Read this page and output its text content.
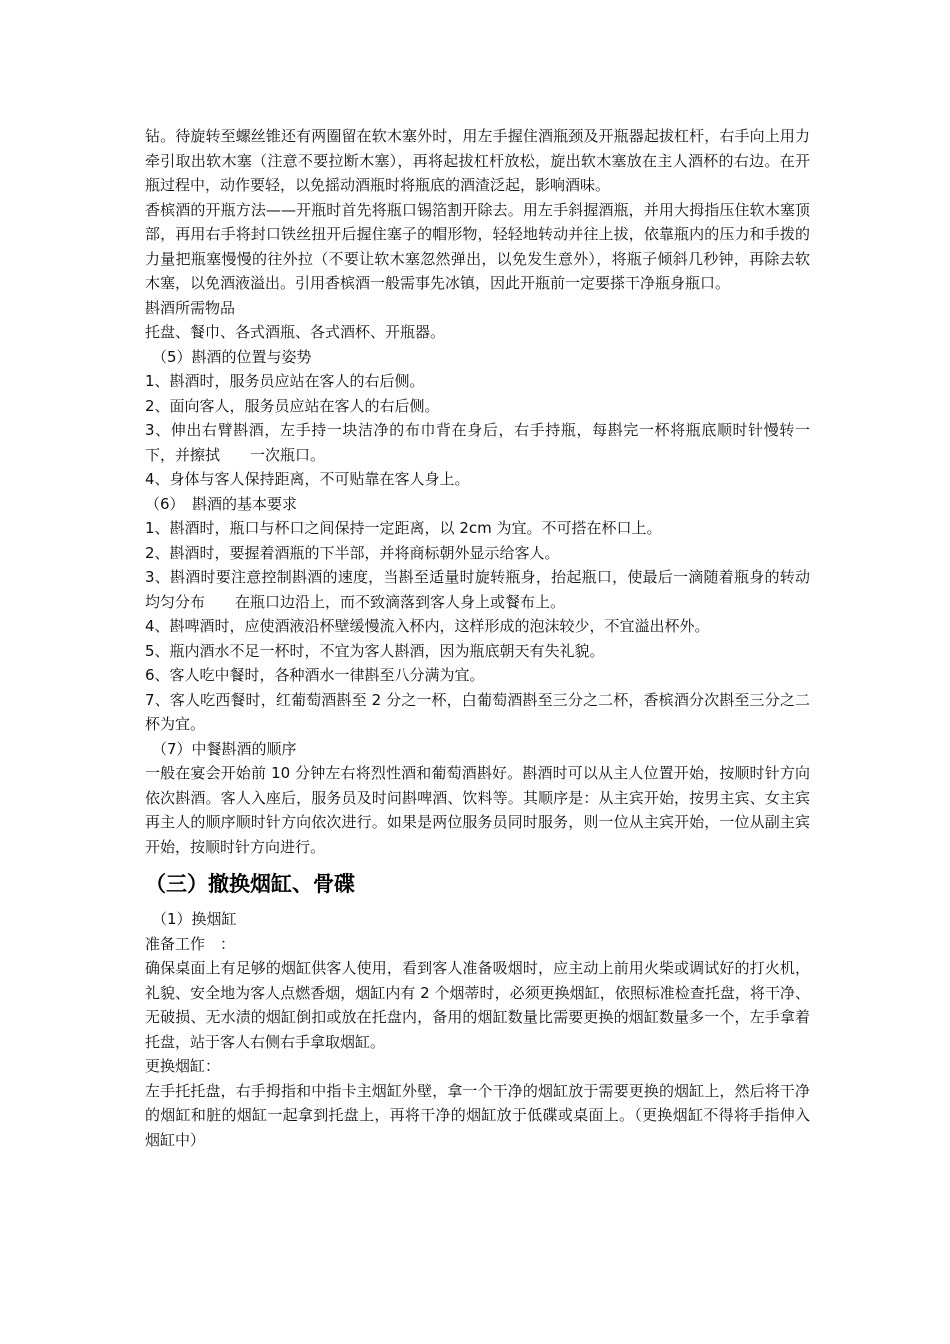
钻。待旋转至螺丝锥还有两圈留在软木塞外时，用左手握住酒瓶颈及开瓶器起拔杠杆，右手向上用力牵引取出软木塞（注意不要拉断木塞），再将起拔杠杆放松，旋出软木塞放在主人酒杯的右边。在开瓶过程中，动作要轻，以免摇动酒瓶时将瓶底的酒渣泛起，影响酒味。

香槟酒的开瓶方法——开瓶时首先将瓶口锡箔割开除去。用左手斜握酒瓶，并用大拇指压住软木塞顶部，再用右手将封口铁丝扭开后握住塞子的帽形物，轻轻地转动并往上拔，依靠瓶内的压力和手拨的力量把瓶塞慢慢的往外拉（不要让软木塞忽然弹出，以免发生意外），将瓶子倾斜几秒钟，再除去软木塞，以免酒液溢出。引用香槟酒一般需事先冰镇，因此开瓶前一定要搽干净瓶身瓶口。

斟酒所需物品

托盘、餐巾、各式酒瓶、各式酒杯、开瓶器。

（5）斟酒的位置与姿势

1、斟酒时，服务员应站在客人的右后侧。

2、面向客人，服务员应站在客人的右后侧。

3、伸出右臂斟酒，左手持一块洁净的布巾背在身后，右手持瓶，每斟完一杯将瓶底顺时针慢转一下，并擦拭　　一次瓶口。

4、身体与客人保持距离，不可贴靠在客人身上。

（6）　斟酒的基本要求

1、斟酒时，瓶口与杯口之间保持一定距离，以 2cm 为宜。不可搭在杯口上。

2、斟酒时，要握着酒瓶的下半部，并将商标朝外显示给客人。

3、斟酒时要注意控制斟酒的速度，当斟至适量时旋转瓶身，抬起瓶口，使最后一滴随着瓶身的转动均匀分布　　在瓶口边沿上，而不致滴落到客人身上或餐布上。

4、斟啤酒时，应使酒液沿杯壁缓慢流入杯内，这样形成的泡沫较少，不宜溢出杯外。

5、瓶内酒水不足一杯时，不宜为客人斟酒，因为瓶底朝天有失礼貌。

6、客人吃中餐时，各种酒水一律斟至八分满为宜。

7、客人吃西餐时，红葡萄酒斟至 2 分之一杯，白葡萄酒斟至三分之二杯，香槟酒分次斟至三分之二杯为宜。

（7）中餐斟酒的顺序

一般在宴会开始前 10 分钟左右将烈性酒和葡萄酒斟好。斟酒时可以从主人位置开始，按顺时针方向依次斟酒。客人入座后，服务员及时问斟啤酒、饮料等。其顺序是：从主宾开始，按男主宾、女主宾再主人的顺序顺时针方向依次进行。如果是两位服务员同时服务，则一位从主宾开始，一位从副主宾开始，按顺时针方向进行。

（三）撤换烟缸、骨碟

（1）换烟缸

准备工作　：

确保桌面上有足够的烟缸供客人使用，看到客人准备吸烟时，应主动上前用火柴或调试好的打火机，礼貌、安全地为客人点燃香烟，烟缸内有 2 个烟蒂时，必须更换烟缸，依照标准检查托盘，将干净、无破损、无水渍的烟缸倒扣或放在托盘内，备用的烟缸数量比需要更换的烟缸数量多一个，左手拿着托盘，站于客人右侧右手拿取烟缸。

更换烟缸：

左手托托盘，右手拇指和中指卡主烟缸外壁，拿一个干净的烟缸放于需要更换的烟缸上，然后将干净的烟缸和脏的烟缸一起拿到托盘上，再将干净的烟缸放于低碟或桌面上。（更换烟缸不得将手指伸入烟缸中）
